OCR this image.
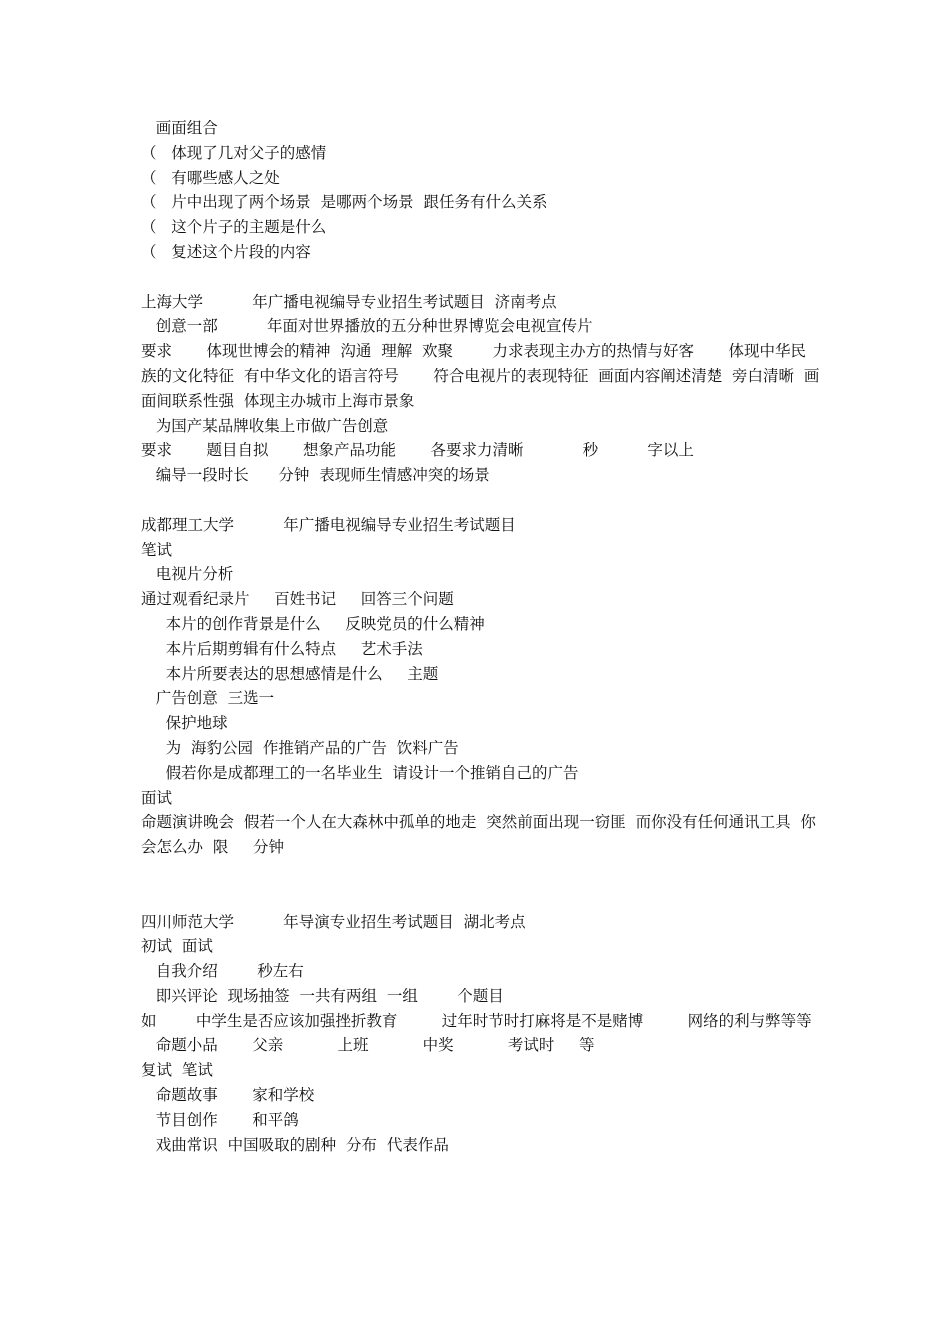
画面组合
（   体现了几对父子的感情
（   有哪些感人之处
（   片中出现了两个场景  是哪两个场景  跟任务有什么关系
（   这个片子的主题是什么
（   复述这个片段的内容
上海大学          年广播电视编导专业招生考试题目  济南考点
创意一部          年面对世界播放的五分种世界博览会电视宣传片
要求       体现世博会的精神  沟通  理解  欢聚        力求表现主办方的热情与好客       体现中华民族的文化特征  有中华文化的语言符号       符合电视片的表现特征  画面内容阐述清楚  旁白清晰  画面间联系性强  体现主办城市上海市景象
为国产某品牌收集上市做广告创意
要求       题目自拟       想象产品功能       各要求力清晰            秒          字以上
编导一段时长      分钟  表现师生情感冲突的场景
成都理工大学          年广播电视编导专业招生考试题目
笔试
电视片分析
通过观看纪录片     百姓书记     回答三个问题
本片的创作背景是什么     反映党员的什么精神
本片后期剪辑有什么特点     艺术手法
本片所要表达的思想感情是什么     主题
广告创意  三选一
保护地球
为  海豹公园  作推销产品的广告  饮料广告
假若你是成都理工的一名毕业生  请设计一个推销自己的广告
面试
命题演讲晚会  假若一个人在大森林中孤单的地走  突然前面出现一窃匪  而你没有任何通讯工具  你会怎么办  限     分钟
四川师范大学          年导演专业招生考试题目  湖北考点
初试  面试
自我介绍        秒左右
即兴评论  现场抽签  一共有两组  一组        个题目
如        中学生是否应该加强挫折教育         过年时节时打麻将是不是赌博         网络的利与弊等等
命题小品       父亲           上班           中奖           考试时     等
复试  笔试
命题故事       家和学校
节目创作       和平鸽
戏曲常识  中国吸取的剧种  分布  代表作品
